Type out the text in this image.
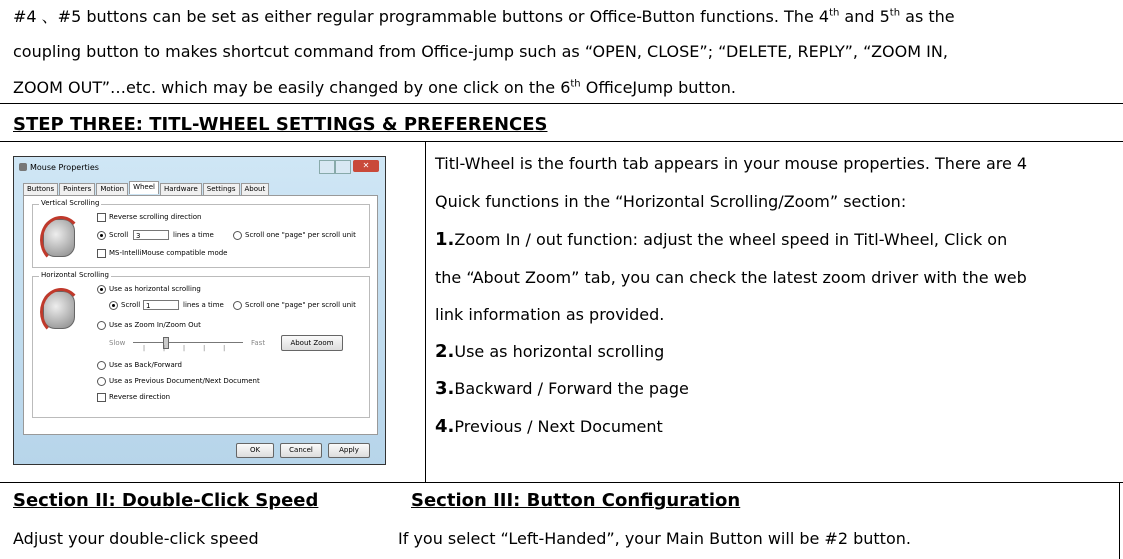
#4 、#5 buttons can be set as either regular programmable buttons or Office-Button functions. The 4th and 5th as the
coupling button to makes shortcut command from Office-jump such as “OPEN, CLOSE”; “DELETE, REPLY”, “ZOOM IN,
ZOOM OUT”…etc. which may be easily changed by one click on the 6th OfficeJump button.
STEP THREE: TITL-WHEEL SETTINGS & PREFERENCES
Mouse Properties	✕
Buttons	Pointers	Motion	Wheel	Hardware	Settings	About
Vertical Scrolling
Reverse scrolling direction
Scroll	3	lines a time	Scroll one "page" per scroll unit
MS-IntelliMouse compatible mode
Horizontal Scrolling
Use as horizontal scrolling
Scroll 1	lines a time	Scroll one "page" per scroll unit
Use as Zoom In/Zoom Out
Slow
|||||
Fast	About Zoom
Use as Back/Forward
Use as Previous Document/Next Document
Reverse direction
OK	Cancel	Apply
Titl-Wheel is the fourth tab appears in your mouse properties. There are 4
Quick functions in the “Horizontal Scrolling/Zoom” section:
1.Zoom In / out function: adjust the wheel speed in Titl-Wheel, Click on
the “About Zoom” tab, you can check the latest zoom driver with the web
link information as provided.
2.Use as horizontal scrolling
3.Backward / Forward the page
4.Previous / Next Document
Section II: Double-Click Speed	Section III: Button Configuration
Adjust your double-click speed	If you select “Left-Handed”, your Main Button will be #2 button.
